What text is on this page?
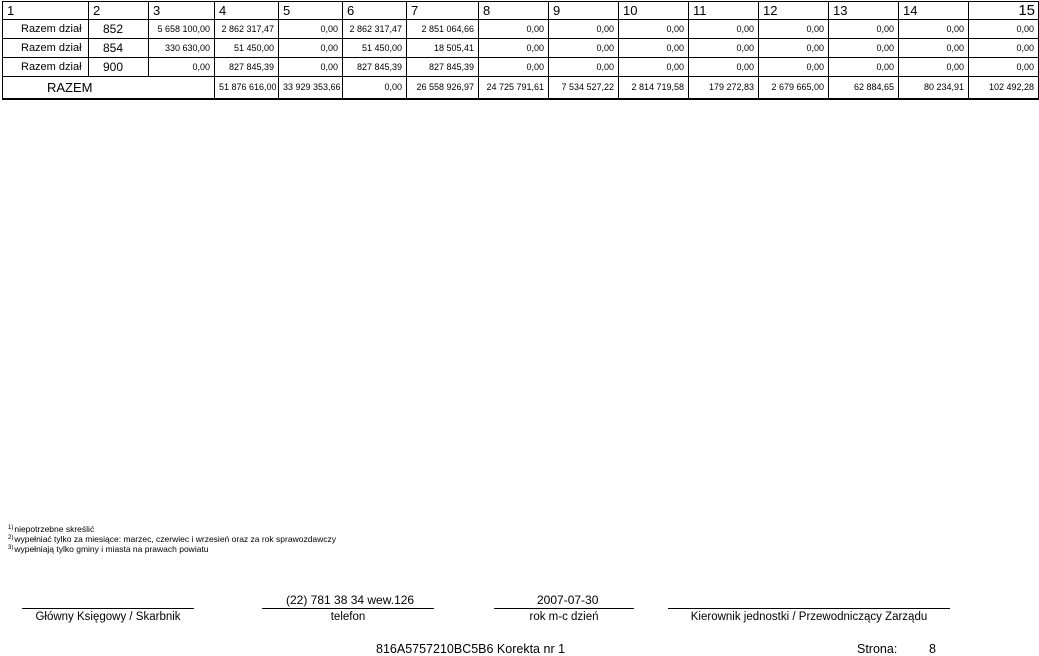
1	2	3	4	5	6	7	8	9	10	11	12	13	14	15
Razem dział	852	5 658 100,00	2 862 317,47	0,00	2 862 317,47	2 851 064,66	0,00	0,00	0,00	0,00	0,00	0,00	0,00	0,00
Razem dział	854	330 630,00	51 450,00	0,00	51 450,00	18 505,41	0,00	0,00	0,00	0,00	0,00	0,00	0,00	0,00
Razem dział	900	0,00	827 845,39	0,00	827 845,39	827 845,39	0,00	0,00	0,00	0,00	0,00	0,00	0,00	0,00
RAZEM			51 876 616,00	33 929 353,66	0,00	26 558 926,97	24 725 791,61	7 534 527,22	2 814 719,58	179 272,83	2 679 665,00	62 884,65	80 234,91	102 492,28
$^{1)}$niepotrzebne skreślić
$^{2)}$wypełniać tylko za miesiące: marzec, czerwiec i wrzesień oraz za rok sprawozdawczy
$^{3)}$wypełniają tylko gminy i miasta na prawach powiatu
(22) 781 38 34 wew.126	2007-07-30
Główny Księgowy / Skarbnik	telefon	rok m-c dzień	Kierownik jednostki / Przewodniczący Zarządu
816A5757210BC5B6 Korekta nr 1	Strona:	8
